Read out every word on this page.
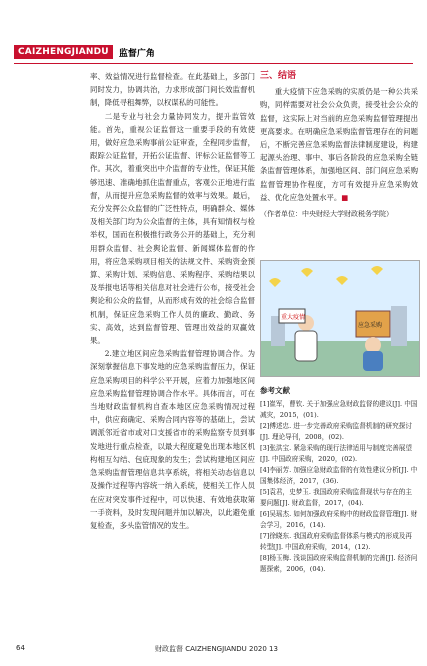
CAIZHENGJIANDU	监督广角

率、效益情况进行监督检查。在此基础上，多部门同时发力，协调共治，力求形成部门间长效监督机制，降低寻租舞弊，以权谋私的可能性。

二是专业与社会力量协同发力，提升监管效能。首先，重视公证监督这一重要手段的有效使用，做好应急采购事前公证审查，全程同步监督，跟踪公证监督，开拓公证监督、评标公证监督等工作。其次，着重突出中介监督的专业性，保证其能够迅速、准确地抓住监督重点，客观公正地进行监督，从而提升应急采购监督的效率与效果。最后，充分发挥公众监督的广泛性特点，明确群众、媒体及相关部门均为公众监督的主体，具有知情权与检举权，国而在积极推行政务公开的基础上，充分利用群众监督、社会舆论监督、新闻媒体监督的作用，将应急采购项目相关的法规文件、采购资金预算、采购计划、采购信息、采购程序、采购结果以及举报电话等相关信息对社会进行公布，接受社会舆论和公众的监督，从而形成有效的社会综合监督机制，保证应急采购工作人员的廉政、勤政、务实、高效，达到监督管理、管理出效益的双赢效果。

2.建立地区间应急采购监督管理协调合作。为深刻掌握信息下事发地的应急采购监督压力，保证应急采购项目的科学公平开展，应着力加强地区间应急采购监督管理协调合作水平。具体而言，可在当地财政监督机构自查本地区应急采购情况过程中，供应商确定、采购合同内容等的基础上，尝试调派邻近省市或对口支援省市的采购监察专员到事发地进行重点检查，以最大程度避免出现本地区机构相互勾结、包庇现象的发生；尝试构建地区间应急采购监督管理信息共享系统，将相关动态信息以及操作过程等内容统一纳入系统，使相关工作人员在应对突发事件过程中，可以快速、有效地获取第一手资料，及时发现问题并加以解决，以此避免重复检查，多头监管情况的发生。

三、结语

重大疫情下应急采购的实质仍是一种公共采购，同样需要对社会公众负责，接受社会公众的监督，这实际上对当前的应急采购监督管理提出更高要求。在明确应急采购监督管理存在的问题后，不断完善应急采购监督法律制度建设，构建起源头治理、事中、事后各阶段的应急采购全链条监督管理体系，加强地区间、部门间应急采购监督管理协作程度，方可有效提升应急采购效益、优化应急处置水平。■

（作者单位：中央财经大学财政税务学院）
重大疫情
应急采购
参考文献

[1]崔军，曹钦. 关于加强应急财政监督的建议[J]. 中国减灾，2015，(01).

[2]傅述忠. 进一步完善政府采购监督机制的研究探讨[J]. 理论导刊，2008，(02).

[3]张洪宝. 紧急采购的现行法律适用与制度完善展望[J]. 中国政府采购，2020，(02).

[4]李丽芳. 加强应急财政监督的有效性建议分析[J]. 中国集体经济，2017，(36).

[5]袁君，史梦玉. 我国政府采购监督现状与存在的主要问题[J]. 财政监督，2017，(04).

[6]吴瑶杰. 如何加强政府采购中的财政监督管理[J]. 财会学习，2016，(14).

[7]徐晓东. 我国政府采购监督体系与模式的形成及再转型[J]. 中国政府采购，2014，(12).

[8]杨玉梅. 浅谈国政府采购监督机制的完善[J]. 经济问题探索，2006，(04).

64	财政监督 CAIZHENGJIANDU 2020 13
